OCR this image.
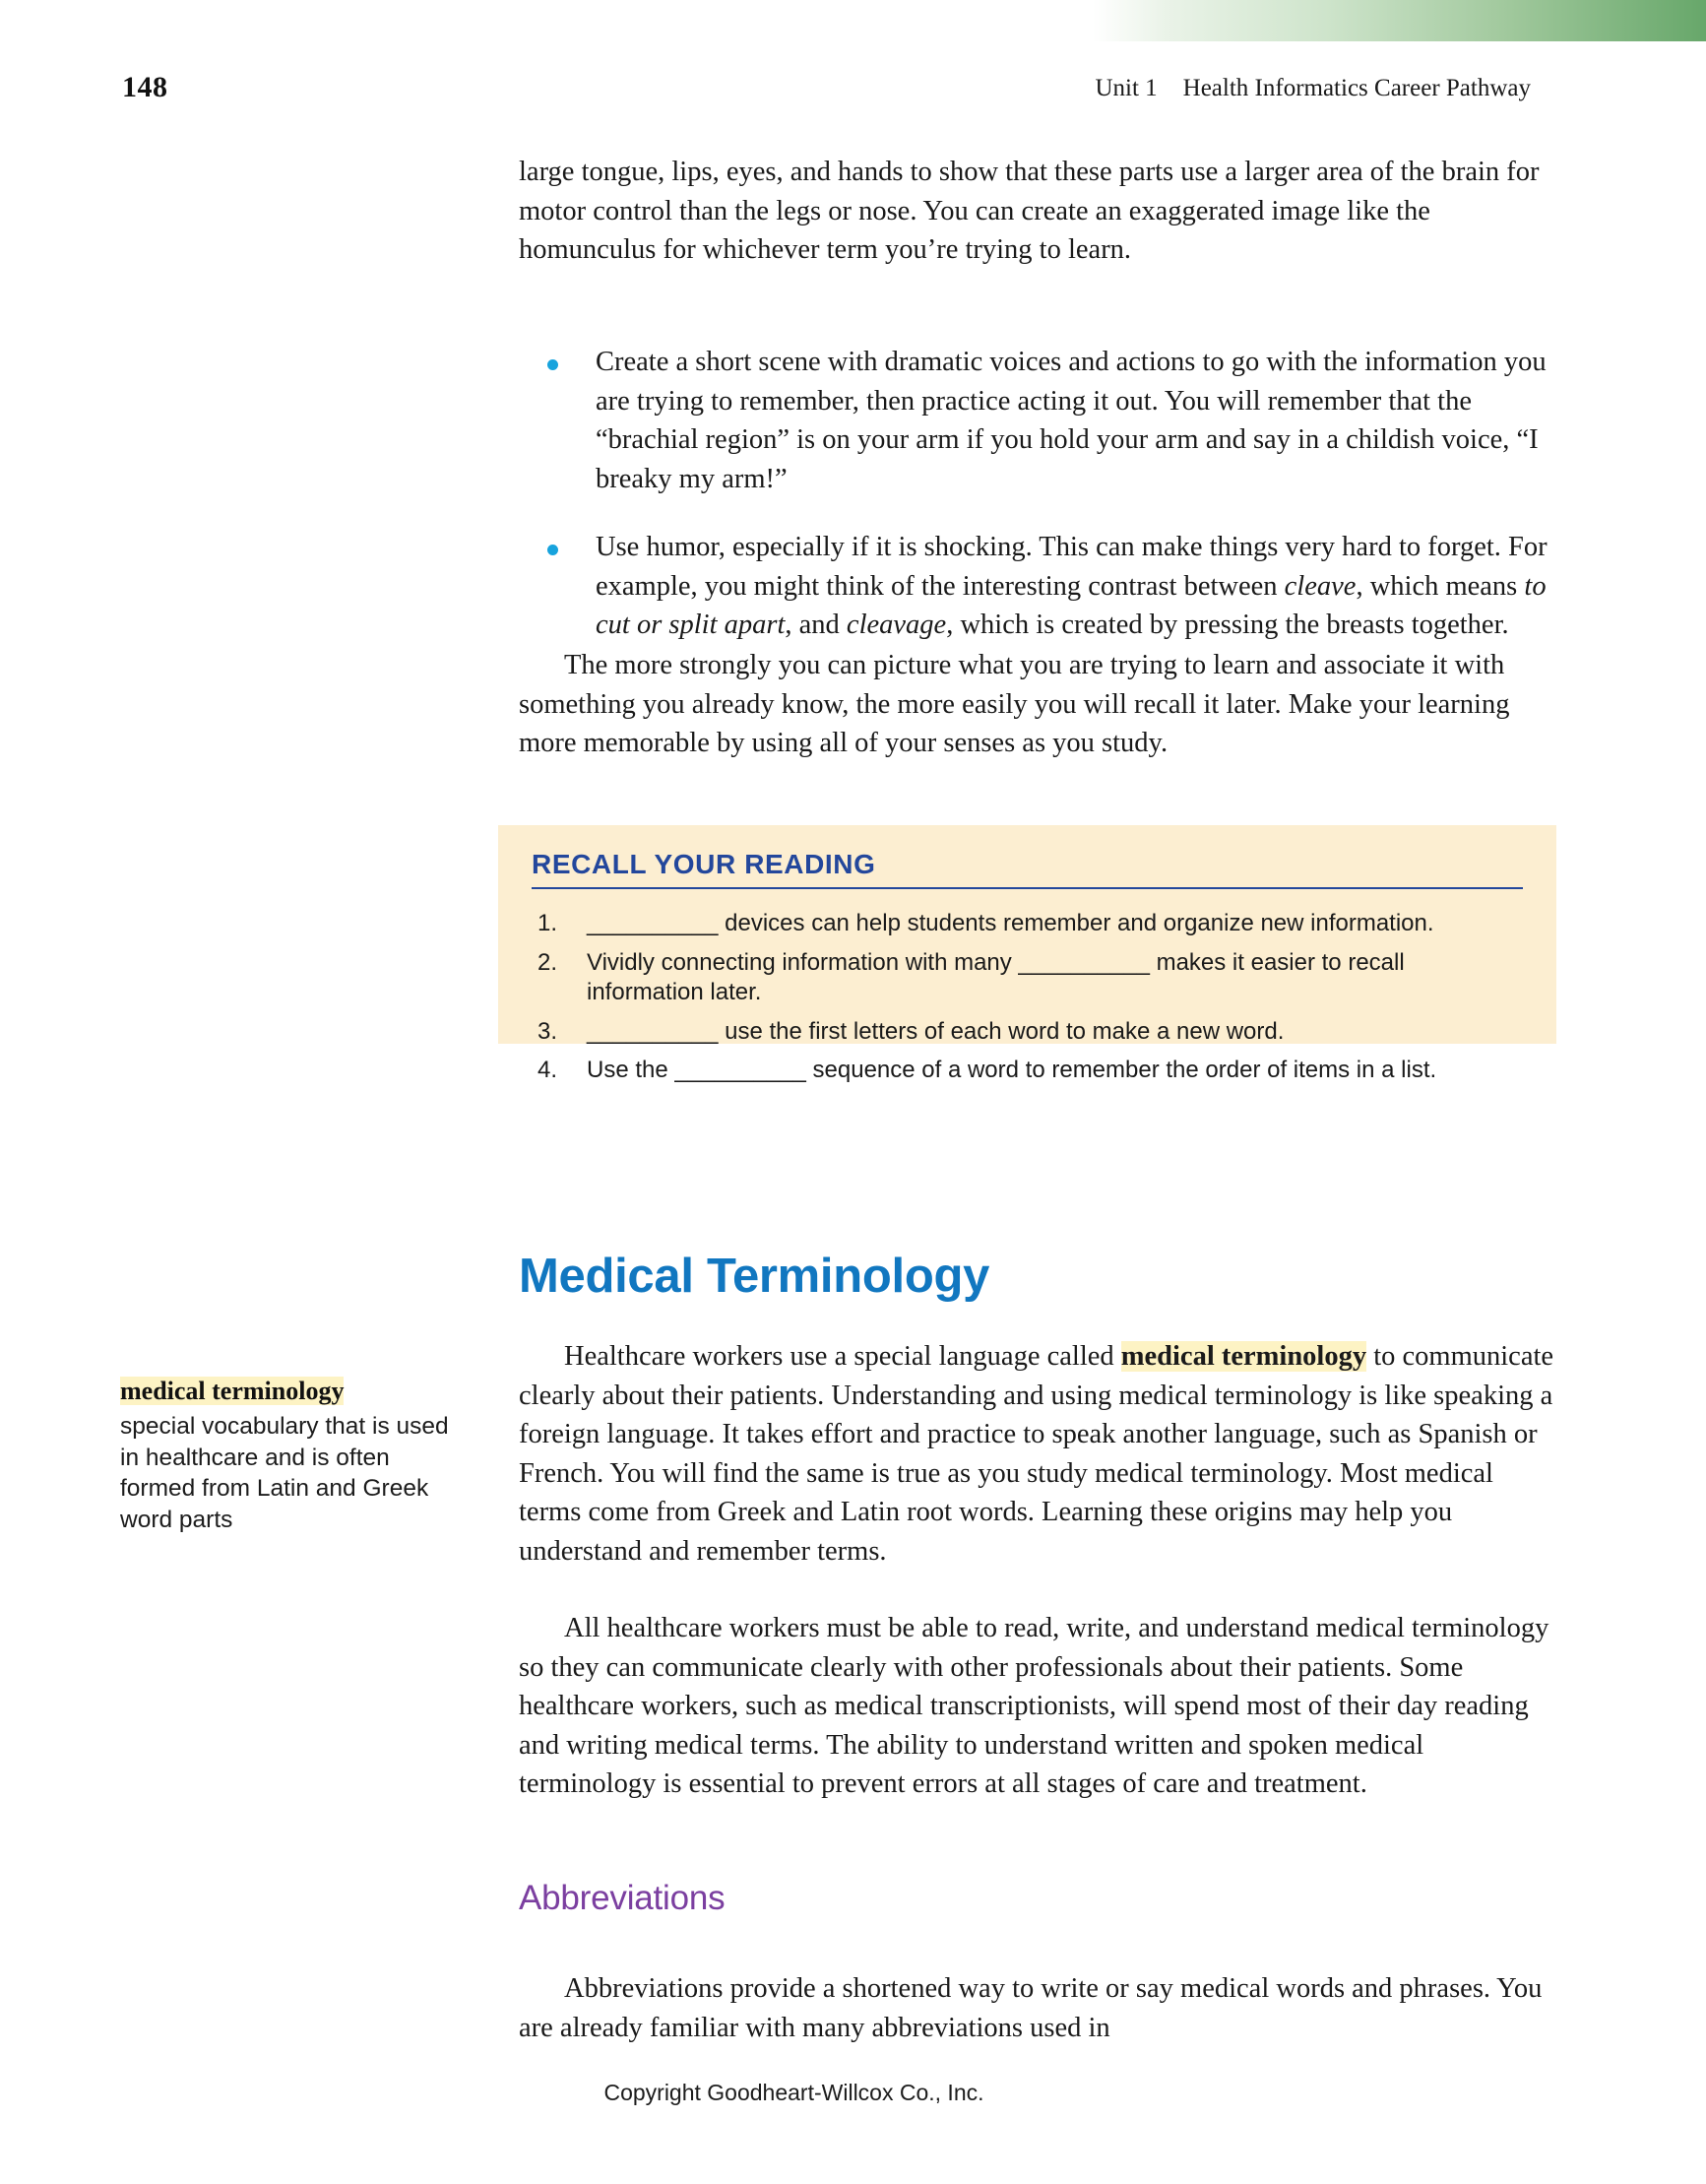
148	Unit 1 Health Informatics Career Pathway

large tongue, lips, eyes, and hands to show that these parts use a larger area of the brain for motor control than the legs or nose. You can create an exaggerated image like the homunculus for whichever term you’re trying to learn.

Create a short scene with dramatic voices and actions to go with the information you are trying to remember, then practice acting it out. You will remember that the “brachial region” is on your arm if you hold your arm and say in a childish voice, “I breaky my arm!”
Use humor, especially if it is shocking. This can make things very hard to forget. For example, you might think of the interesting contrast between cleave, which means to cut or split apart, and cleavage, which is created by pressing the breasts together.

The more strongly you can picture what you are trying to learn and associate it with something you already know, the more easily you will recall it later. Make your learning more memorable by using all of your senses as you study.

RECALL YOUR READING
1. __________ devices can help students remember and organize new information.
2. Vividly connecting information with many __________ makes it easier to recall information later.
3. __________ use the first letters of each word to make a new word.
4. Use the __________ sequence of a word to remember the order of items in a list.
Medical Terminology
medical terminology
special vocabulary that is used in healthcare and is often formed from Latin and Greek word parts

Healthcare workers use a special language called medical terminology to communicate clearly about their patients. Understanding and using medical terminology is like speaking a foreign language. It takes effort and practice to speak another language, such as Spanish or French. You will find the same is true as you study medical terminology. Most medical terms come from Greek and Latin root words. Learning these origins may help you understand and remember terms.

All healthcare workers must be able to read, write, and understand medical terminology so they can communicate clearly with other professionals about their patients. Some healthcare workers, such as medical transcriptionists, will spend most of their day reading and writing medical terms. The ability to understand written and spoken medical terminology is essential to prevent errors at all stages of care and treatment.

Abbreviations

Abbreviations provide a shortened way to write or say medical words and phrases. You are already familiar with many abbreviations used in

Copyright Goodheart-Willcox Co., Inc.
